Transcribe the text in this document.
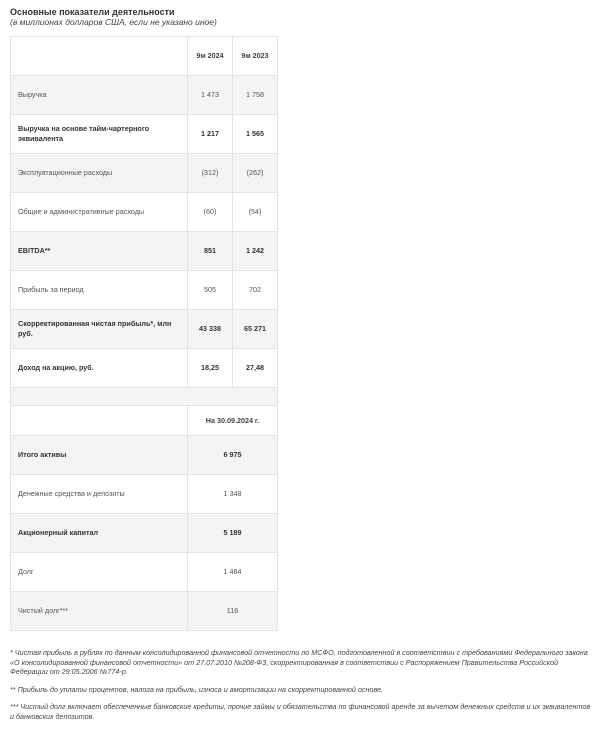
Основные показатели деятельности
(в миллионах долларов США, если не указано иное)
	9м 2024	9м 2023
Выручка	1 473	1 758
Выручка на основе тайм-чартерного эквивалента	1 217	1 565
Эксплуатационные расходы	(312)	(262)
Общие и административные расходы	(60)	(54)
EBITDA**	851	1 242
Прибыль за период	505	702
Скорректированная чистая прибыль*, млн руб.	43 338	65 271
Доход на акцию, руб.	18,25	27,48

	На 30.09.2024 г.	
Итого активы	6 975	
Денежные средства и депозиты	1 348	
Акционерный капитал	5 189	
Долг	1 484	
Чистый долг***	116	

* Чистая прибыль в рублях по данным консолидированной финансовой отчетности по МСФО, подготовленной в соответствии с требованиями Федерального закона «О консолидированной финансовой отчетности» от 27.07.2010 №208-ФЗ, скорректированная в соответствии с Распоряжением Правительства Российской Федерации от 29.05.2006 №774-р.

** Прибыль до уплаты процентов, налога на прибыль, износа и амортизации на скорректированной основе.

*** Чистый долг включает обеспеченные банковские кредиты, прочие займы и обязательства по финансовой аренде за вычетом денежных средств и их эквивалентов и банковских депозитов.
